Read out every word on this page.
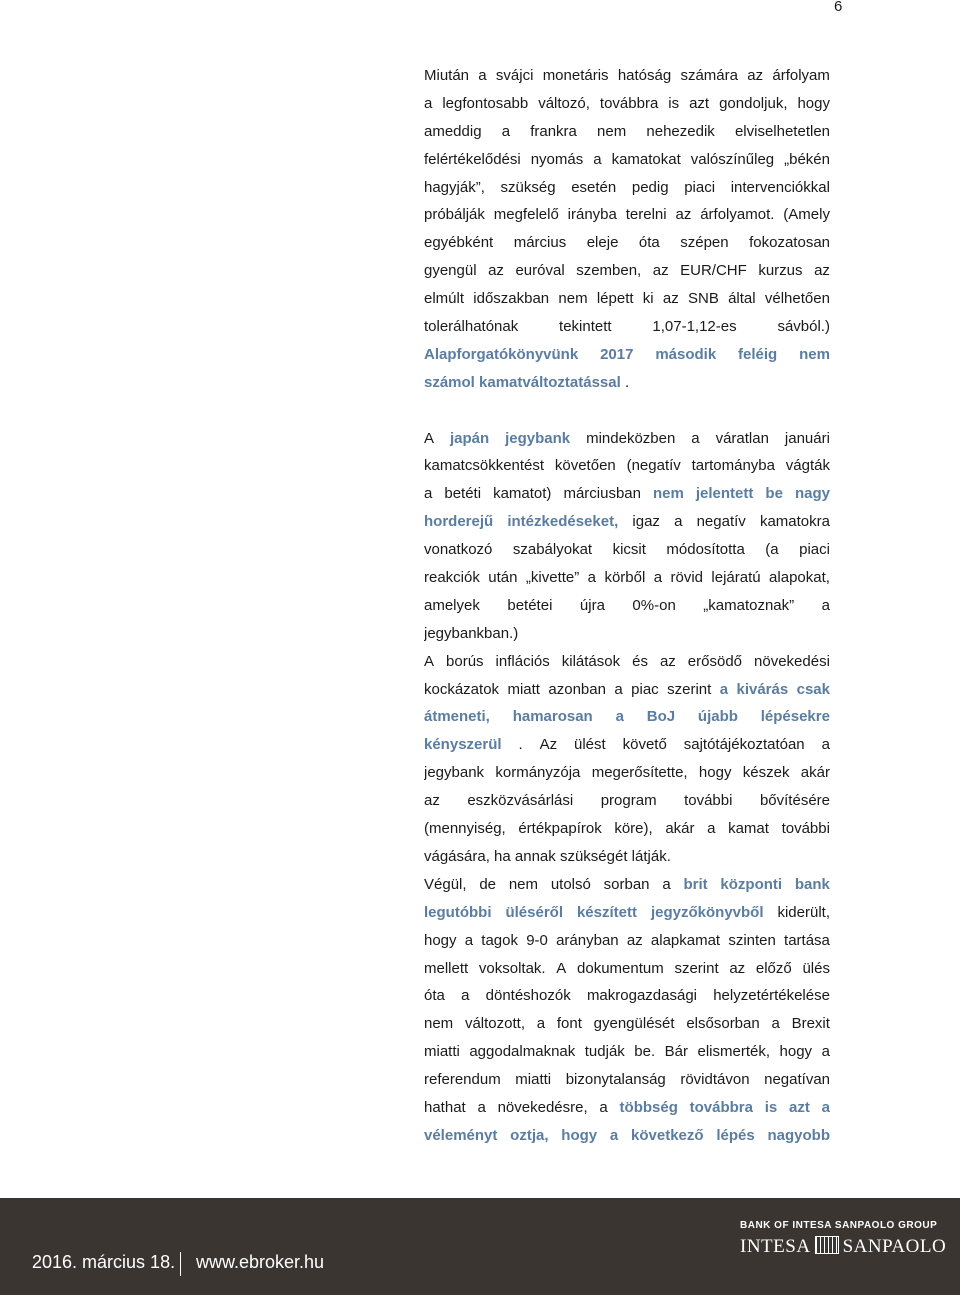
6
Miután a svájci monetáris hatóság számára az árfolyam
a legfontosabb változó, továbbra is azt gondoljuk, hogy
ameddig a frankra nem nehezedik elviselhetetlen
felértékelődési nyomás a kamatokat valószínűleg „békén
hagyják”, szükség esetén pedig piaci intervenciókkal
próbálják megfelelő irányba terelni az árfolyamot. (Amely
egyébként március eleje óta szépen fokozatosan
gyengül az euróval szemben, az EUR/CHF kurzus az
elmúlt időszakban nem lépett ki az SNB által vélhetően
tolerálhatónak	tekintett	1,07-1,12-es	sávból.)
Alapforgatókönyvünk 2017 második feléig nem
számol kamatváltoztatással .
A japán jegybank mindeközben a váratlan januári
kamatcsökkentést követően (negatív tartományba vágták
a betéti kamatot) márciusban nem jelentett be nagy
horderejű intézkedéseket, igaz a negatív kamatokra
vonatkozó szabályokat kicsit módosította (a piaci
reakciók után „kivette” a körből a rövid lejáratú alapokat,
amelyek betétei újra 0%-on „kamatoznak” a
jegybankban.)
A borús inflációs kilátások és az erősödő növekedési
kockázatok miatt azonban a piac szerint a kivárás csak
átmeneti, hamarosan a BoJ újabb lépésekre
kényszerül . Az ülést követő sajtótájékoztatóan a
jegybank kormányzója megerősítette, hogy készek akár
az eszközvásárlási program további bővítésére
(mennyiség, értékpapírok köre), akár a kamat további
vágására, ha annak szükségét látják.
Végül, de nem utolsó sorban a brit központi bank
legutóbbi üléséről készített jegyzőkönyvből kiderült,
hogy a tagok 9-0 arányban az alapkamat szinten tartása
mellett voksoltak. A dokumentum szerint az előző ülés
óta a döntéshozók makrogazdasági helyzetértékelése
nem változott, a font gyengülését elsősorban a Brexit
miatti aggodalmaknak tudják be. Bár elismerték, hogy a
referendum miatti bizonytalanság rövidtávon negatívan
hathat a növekedésre, a többség továbbra is azt a
véleményt oztja, hogy a következő lépés nagyobb
2016. március 18. www.ebroker.hu
BANK OF INTESA SANPAOLO GROUP
INTESA SANPAOLO
